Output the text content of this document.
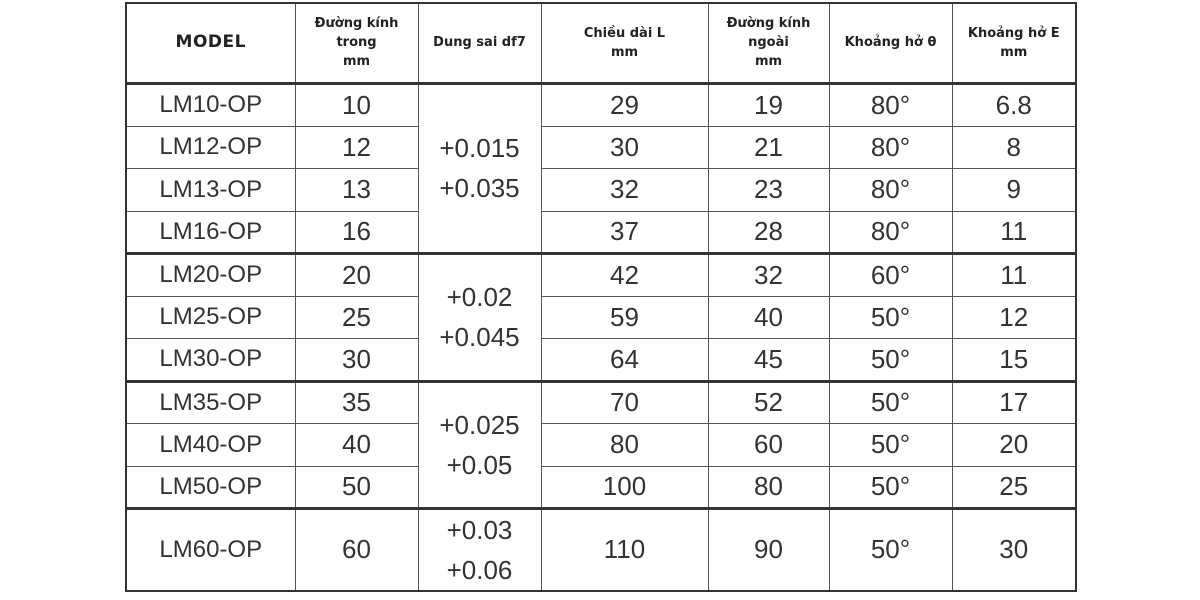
MODEL	Đường kính
trong
mm	Dung sai df7	Chiều dài L
mm	Đường kính
ngoài
mm	Khoảng hở θ	Khoảng hở E
mm
LM10-OP	10	+0.015
+0.035	29	19	80°	6.8
LM12-OP	12		30	21	80°	8
LM13-OP	13		32	23	80°	9
LM16-OP	16		37	28	80°	11
LM20-OP	20	+0.02
+0.045	42	32	60°	11
LM25-OP	25		59	40	50°	12
LM30-OP	30		64	45	50°	15
LM35-OP	35	+0.025
+0.05	70	52	50°	17
LM40-OP	40		80	60	50°	20
LM50-OP	50		100	80	50°	25
LM60-OP	60	+0.03
+0.06	110	90	50°	30
